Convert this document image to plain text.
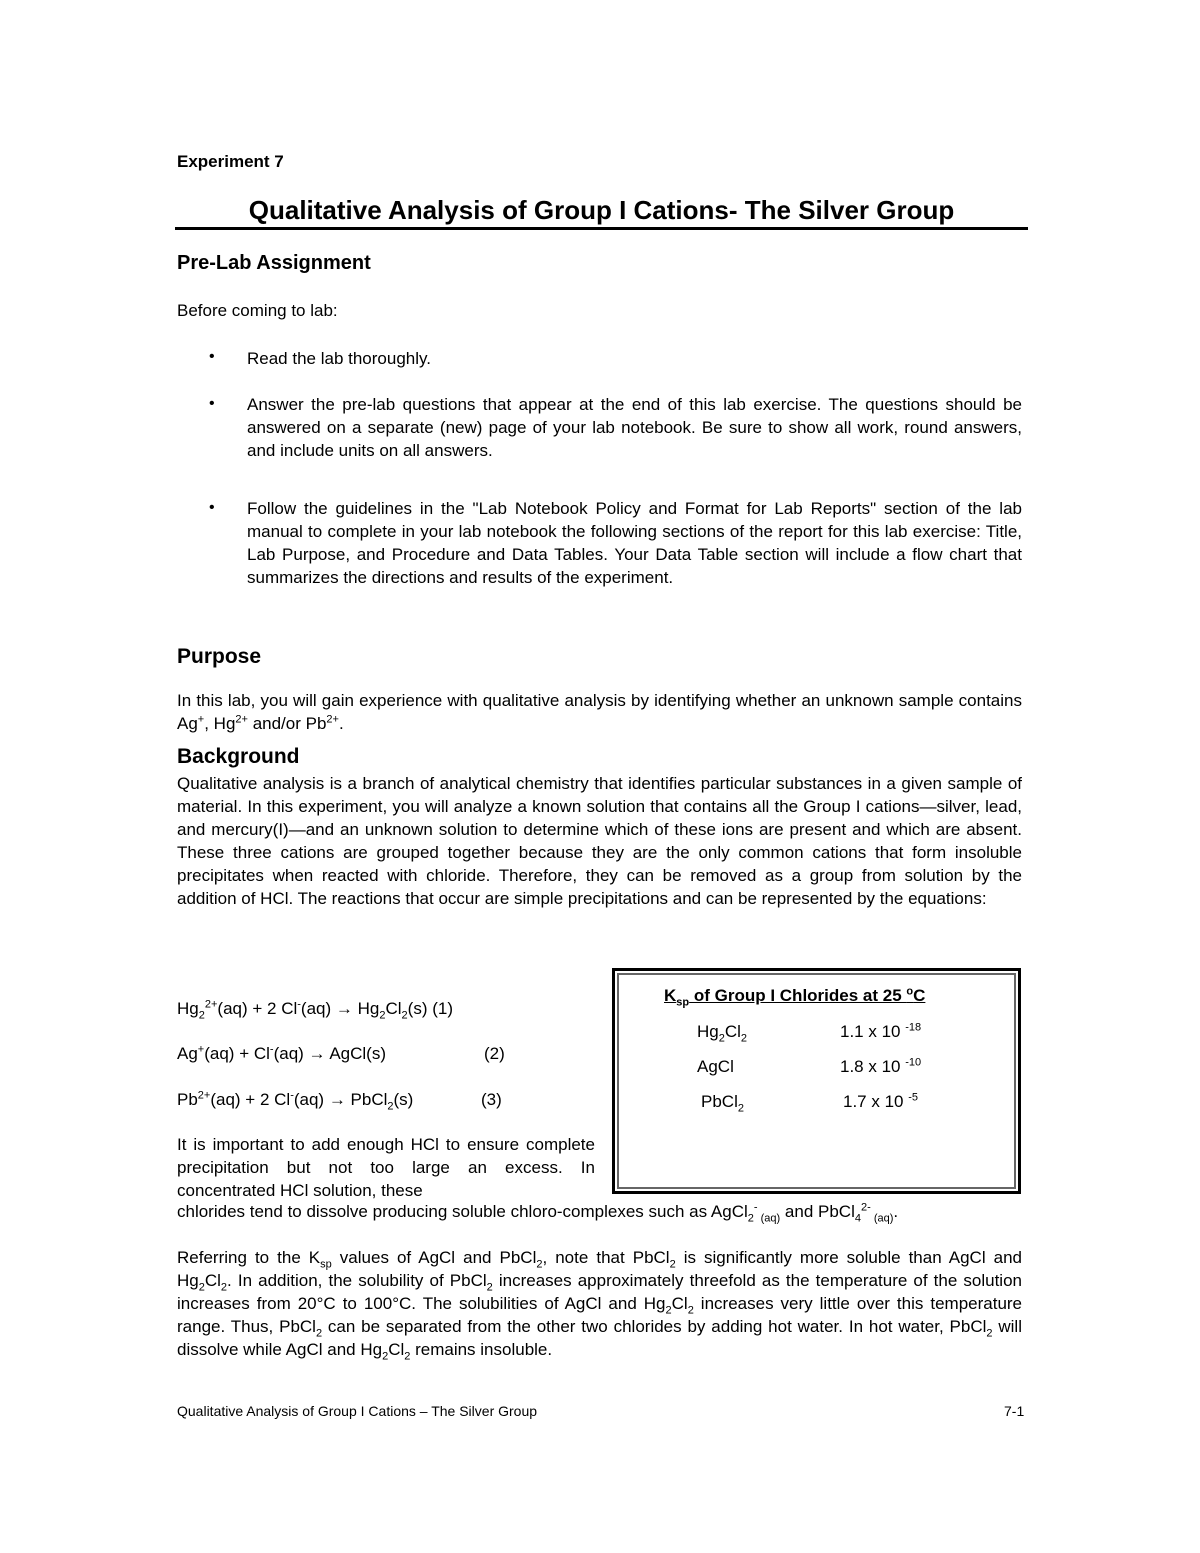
Experiment 7
Qualitative Analysis of Group I Cations- The Silver Group
Pre-Lab Assignment
Before coming to lab:
• Read the lab thoroughly.
• Answer the pre-lab questions that appear at the end of this lab exercise. The questions should be answered on a separate (new) page of your lab notebook. Be sure to show all work, round answers, and include units on all answers.
• Follow the guidelines in the "Lab Notebook Policy and Format for Lab Reports" section of the lab manual to complete in your lab notebook the following sections of the report for this lab exercise: Title, Lab Purpose, and Procedure and Data Tables. Your Data Table section will include a flow chart that summarizes the directions and results of the experiment.
Purpose
In this lab, you will gain experience with qualitative analysis by identifying whether an unknown sample contains Ag+, $Hg^{2+}$ and/or $Pb^{2+}$.
Background
Qualitative analysis is a branch of analytical chemistry that identifies particular substances in a given sample of material. In this experiment, you will analyze a known solution that contains all the Group I cations—silver, lead, and mercury(I)—and an unknown solution to determine which of these ions are present and which are absent. These three cations are grouped together because they are the only common cations that form insoluble precipitates when reacted with chloride. Therefore, they can be removed as a group from solution by the addition of HCl. The reactions that occur are simple precipitations and can be represented by the equations:
$Hg_2^{2+}(aq) + 2$ $Cl^-(aq) \to Hg_2Cl_2(s)$ (1)
Ag+(aq) + Cl-(aq) → AgCl(s)	(2)
$Pb^{2+}(aq) + 2$ Cl-(aq) → PbCl$_2$(s)	(3)
$K_{sp}$ of Group I Chlorides at 25 $^o$C
$Hg_2Cl_2$	1.1 x 10 $^{-18}$
AgCl	1.8 x 10 $^{-10}$
PbCl$_2$	1.7 x 10 $^{-5}$
It is important to add enough HCl to ensure complete precipitation but not too large an excess. In concentrated HCl solution, these
chlorides tend to dissolve producing soluble chloro-complexes such as AgCl$_2$- $_{(aq)}$ and PbCl$_4^{2-}$ $_{(aq)}$.
Referring to the $K_{sp}$ values of AgCl and PbCl$_2$, note that PbCl$_2$ is significantly more soluble than AgCl and $Hg_2Cl_2$. In addition, the solubility of PbCl$_2$ increases approximately threefold as the temperature of the solution increases from 20°C to 100°C. The solubilities of AgCl and $Hg_2Cl_2$ increases very little over this temperature range. Thus, PbCl$_2$ can be separated from the other two chlorides by adding hot water. In hot water, PbCl$_2$ will dissolve while AgCl and $Hg_2Cl_2$ remains insoluble.
Qualitative Analysis of Group I Cations – The Silver Group	7-1
